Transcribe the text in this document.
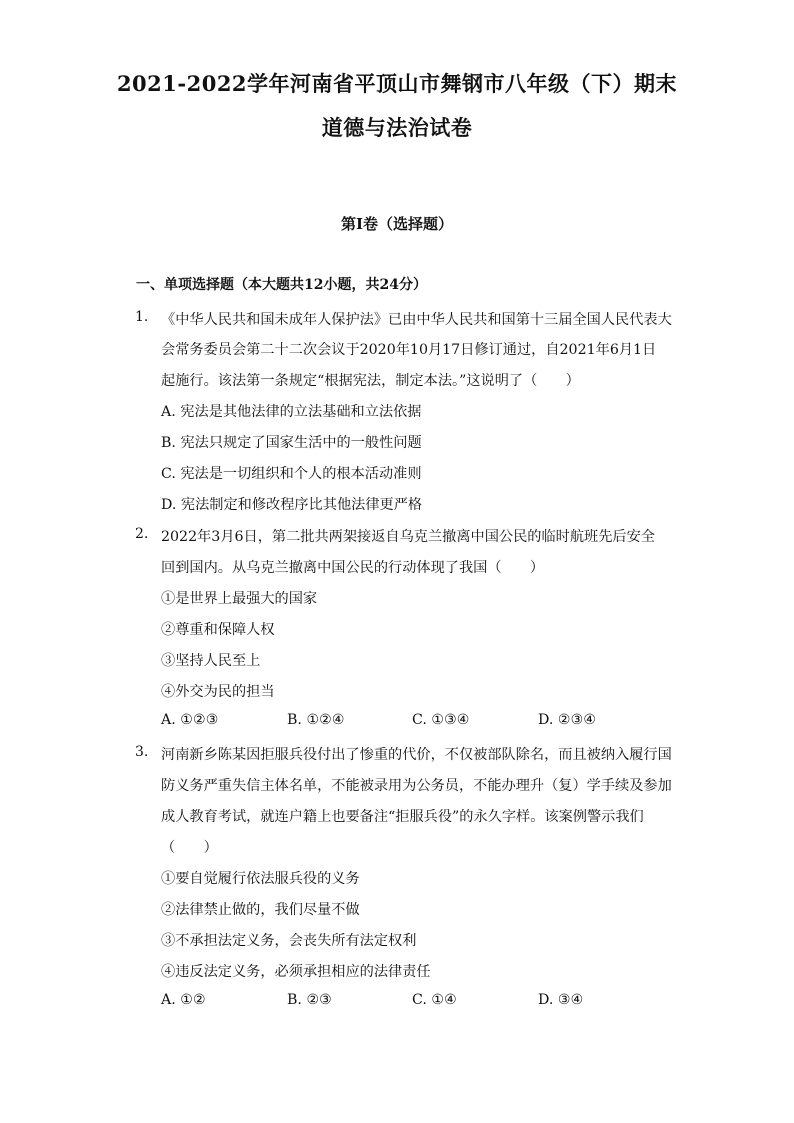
2021-2022学年河南省平顶山市舞钢市八年级（下）期末
道德与法治试卷
第I卷（选择题）
一、单项选择题（本大题共12小题，共24分）
1. 《中华人民共和国未成年人保护法》已由中华人民共和国第十三届全国人民代表大
会常务委员会第二十二次会议于2020年10月17日修订通过，自2021年6月1日
起施行。该法第一条规定“根据宪法，制定本法。”这说明了（　　）
A. 宪法是其他法律的立法基础和立法依据
B. 宪法只规定了国家生活中的一般性问题
C. 宪法是一切组织和个人的根本活动准则
D. 宪法制定和修改程序比其他法律更严格
2. 2022年3月6日，第二批共两架接返自乌克兰撤离中国公民的临时航班先后安全
回到国内。从乌克兰撤离中国公民的行动体现了我国（　　）
①是世界上最强大的国家
②尊重和保障人权
③坚持人民至上
④外交为民的担当
A. ①②③	B. ①②④	C. ①③④	D. ②③④
3. 河南新乡陈某因拒服兵役付出了惨重的代价，不仅被部队除名，而且被纳入履行国
防义务严重失信主体名单，不能被录用为公务员，不能办理升（复）学手续及参加
成人教育考试，就连户籍上也要备注“拒服兵役”的永久字样。该案例警示我们
（　　）
①要自觉履行依法服兵役的义务
②法律禁止做的，我们尽量不做
③不承担法定义务，会丧失所有法定权利
④违反法定义务，必须承担相应的法律责任
A. ①②	B. ②③	C. ①④	D. ③④
